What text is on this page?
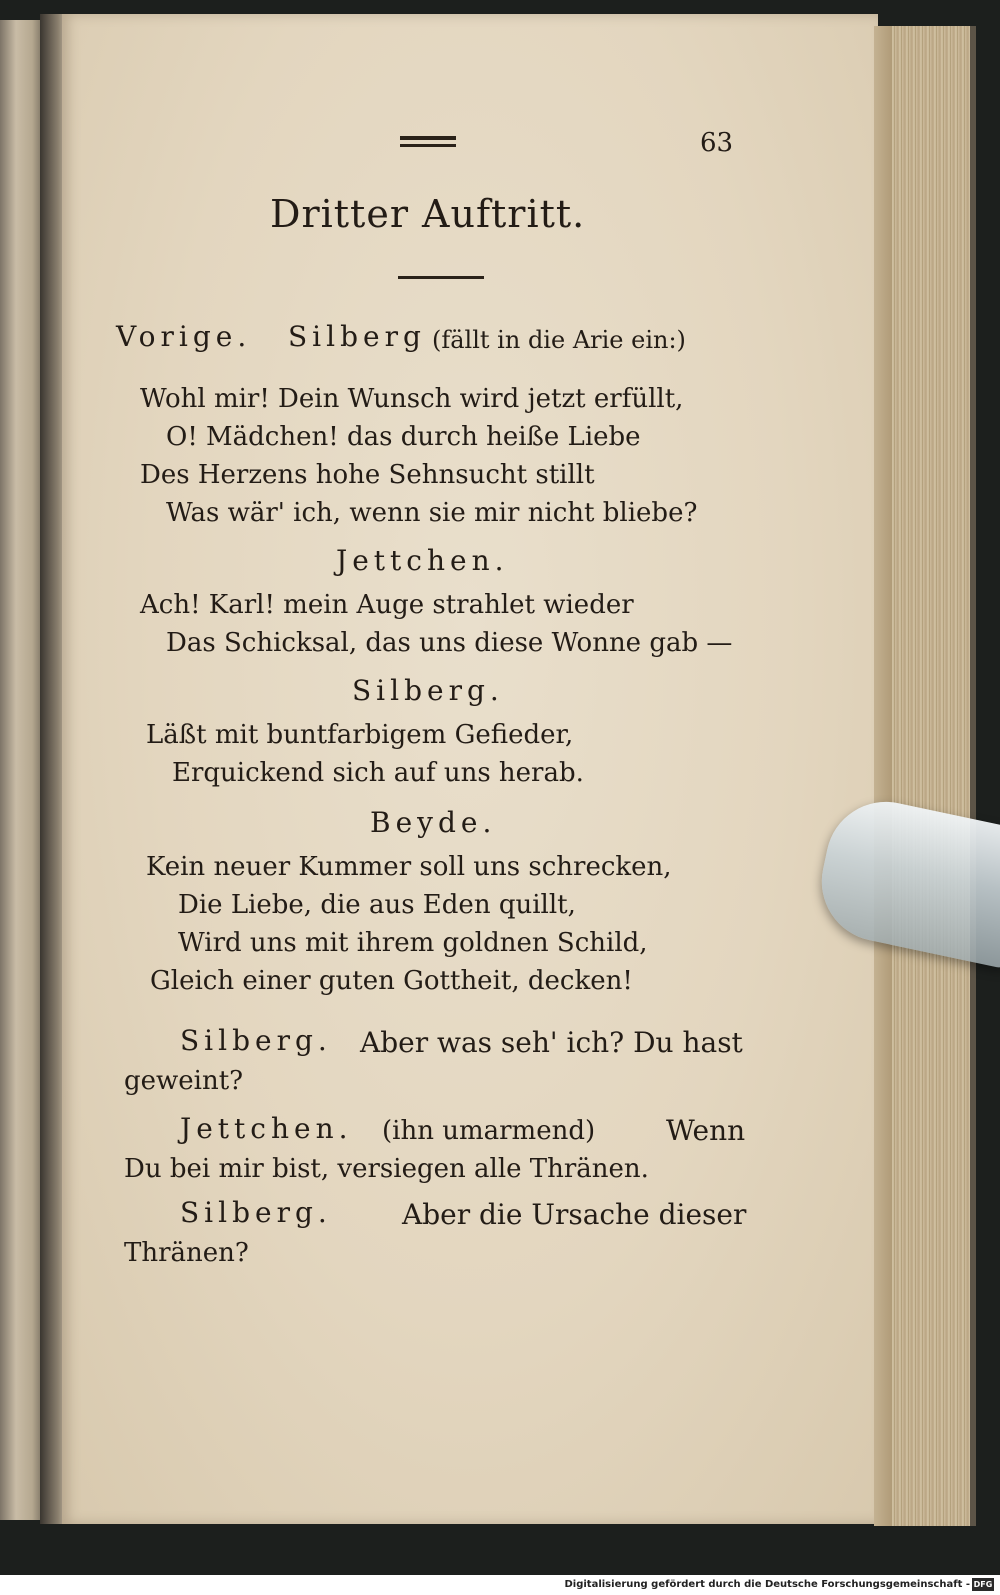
63
Dritter Auftritt.
Vorige. Silberg (fällt in die Arie ein:)
Wohl mir! Dein Wunsch wird jetzt erfüllt,
O! Mädchen! das durch heiße Liebe
Des Herzens hohe Sehnsucht stillt
Was wär' ich, wenn sie mir nicht bliebe?
Jettchen.
Ach! Karl! mein Auge strahlet wieder
Das Schicksal, das uns diese Wonne gab —
Silberg.
Läßt mit buntfarbigem Gefieder,
Erquickend sich auf uns herab.
Beyde.
Kein neuer Kummer soll uns schrecken,
Die Liebe, die aus Eden quillt,
Wird uns mit ihrem goldnen Schild,
Gleich einer guten Gottheit, decken!
Silberg. Aber was seh' ich? Du hast
geweint?
Jettchen. (ihn umarmend)	Wenn
Du bei mir bist, versiegen alle Thränen.
Silberg.	Aber die Ursache dieser
Thränen?
Digitalisierung gefördert durch die Deutsche Forschungsgemeinschaft - DFG
